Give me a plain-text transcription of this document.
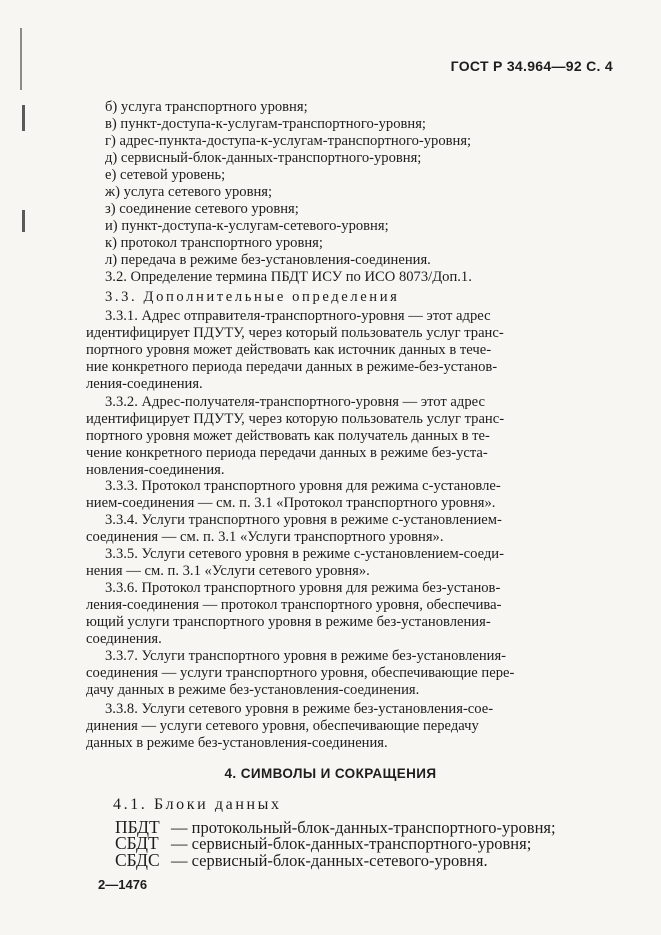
ГОСТ Р 34.964—92 С. 4
б) услуга транспортного уровня;
в) пункт-доступа-к-услугам-транспортного-уровня;
г) адрес-пункта-доступа-к-услугам-транспортного-уровня;
д) сервисный-блок-данных-транспортного-уровня;
е) сетевой уровень;
ж) услуга сетевого уровня;
з) соединение сетевого уровня;
и) пункт-доступа-к-услугам-сетевого-уровня;
к) протокол транспортного уровня;
л) передача в режиме без-установления-соединения.
3.2. Определение термина ПБДТ ИСУ по ИСО 8073/Доп.1.
3.3. Дополнительные определения
3.3.1. Адрес отправителя-транспортного-уровня — этот адрес
идентифицирует ПДУТУ, через который пользователь услуг транс-
портного уровня может действовать как источник данных в тече-
ние конкретного периода передачи данных в режиме-без-установ-
ления-соединения.
3.3.2. Адрес-получателя-транспортного-уровня — этот адрес
идентифицирует ПДУТУ, через которую пользователь услуг транс-
портного уровня может действовать как получатель данных в те-
чение конкретного периода передачи данных в режиме без-уста-
новления-соединения.
3.3.3. Протокол транспортного уровня для режима с-установле-
нием-соединения — см. п. 3.1 «Протокол транспортного уровня».
3.3.4. Услуги транспортного уровня в режиме с-установлением-
соединения — см. п. 3.1 «Услуги транспортного уровня».
3.3.5. Услуги сетевого уровня в режиме с-установлением-соеди-
нения — см. п. 3.1 «Услуги сетевого уровня».
3.3.6. Протокол транспортного уровня для режима без-установ-
ления-соединения — протокол транспортного уровня, обеспечива-
ющий услуги транспортного уровня в режиме без-установления-
соединения.
3.3.7. Услуги транспортного уровня в режиме без-установления-
соединения — услуги транспортного уровня, обеспечивающие пере-
дачу данных в режиме без-установления-соединения.
3.3.8. Услуги сетевого уровня в режиме без-установления-сое-
динения — услуги сетевого уровня, обеспечивающие передачу
данных в режиме без-установления-соединения.
4. СИМВОЛЫ И СОКРАЩЕНИЯ
4.1. Блоки данных
ПБДТ — протокольный-блок-данных-транспортного-уровня;
СБДТ — сервисный-блок-данных-транспортного-уровня;
СБДС — сервисный-блок-данных-сетевого-уровня.
2—1476
